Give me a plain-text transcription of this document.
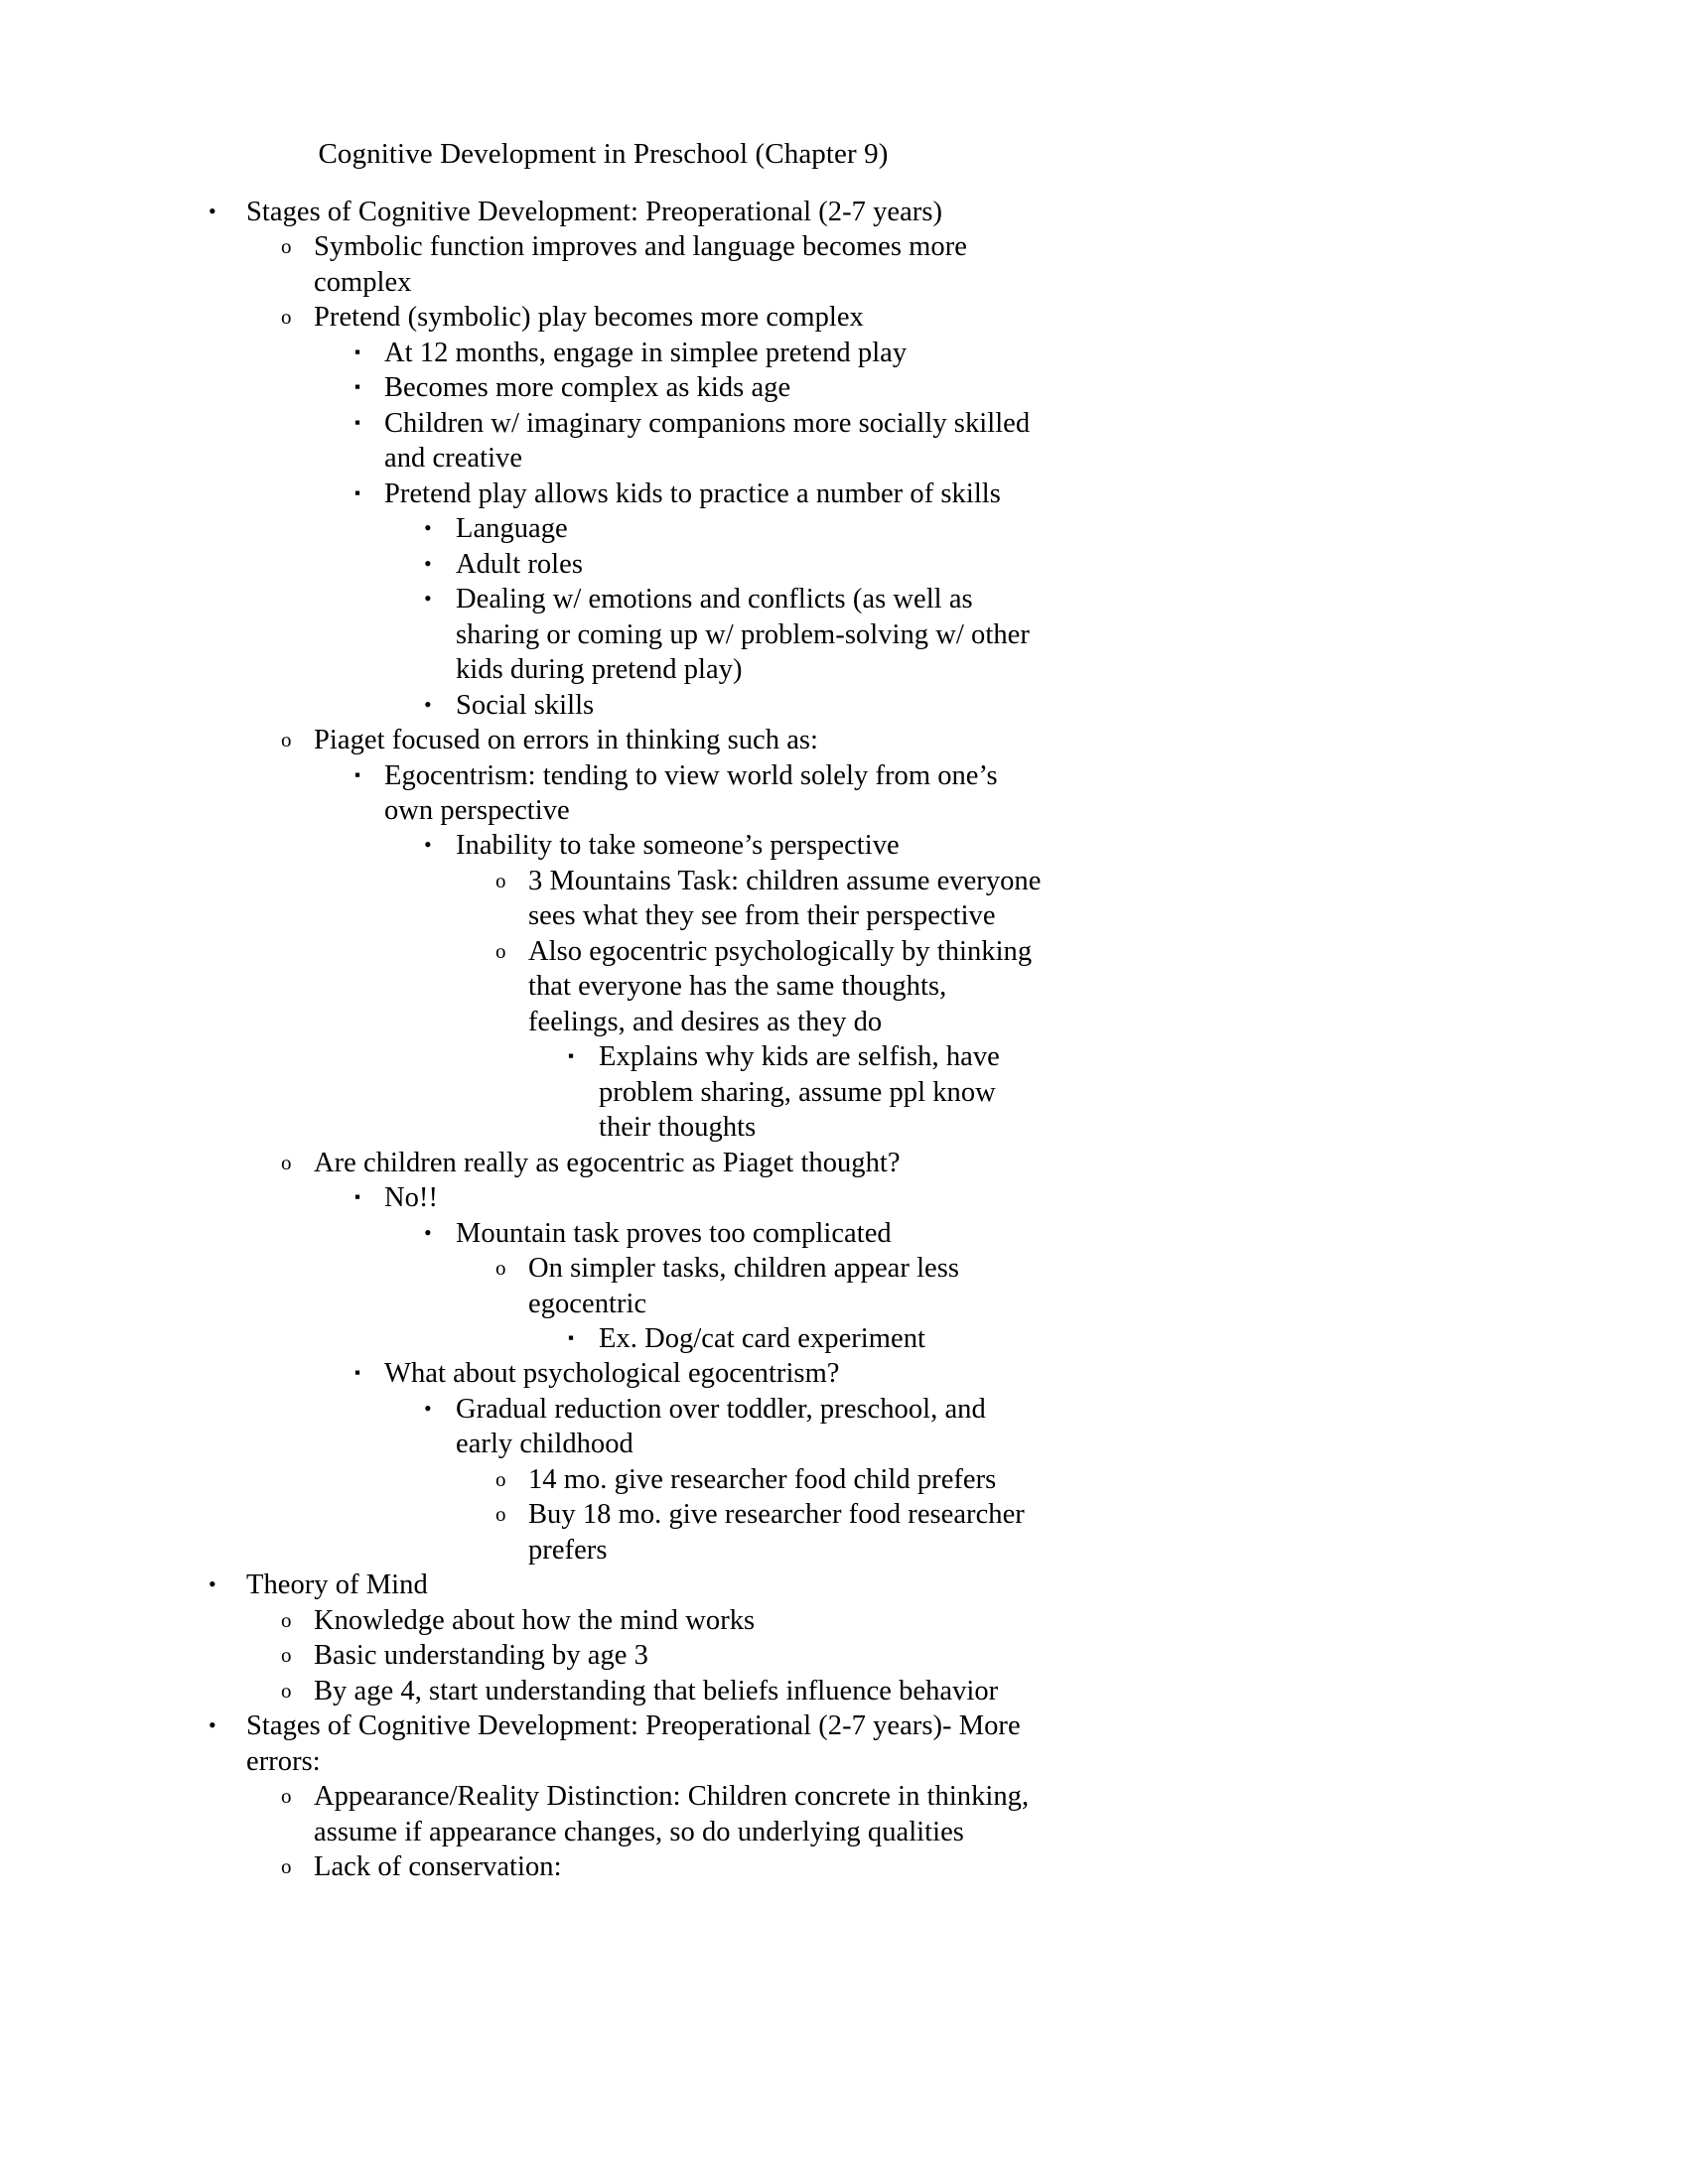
Cognitive Development in Preschool (Chapter 9)
• Stages of Cognitive Development: Preoperational (2-7 years)
o Symbolic function improves and language becomes more complex
o Pretend (symbolic) play becomes more complex
▪ At 12 months, engage in simplee pretend play
▪ Becomes more complex as kids age
▪ Children w/ imaginary companions more socially skilled and creative
▪ Pretend play allows kids to practice a number of skills
• Language
• Adult roles
• Dealing w/ emotions and conflicts (as well as sharing or coming up w/ problem-solving w/ other kids during pretend play)
• Social skills
o Piaget focused on errors in thinking such as:
▪ Egocentrism: tending to view world solely from one’s own perspective
• Inability to take someone’s perspective
o 3 Mountains Task: children assume everyone sees what they see from their perspective
o Also egocentric psychologically by thinking that everyone has the same thoughts, feelings, and desires as they do
▪ Explains why kids are selfish, have problem sharing, assume ppl know their thoughts
o Are children really as egocentric as Piaget thought?
▪ No!!
• Mountain task proves too complicated
o On simpler tasks, children appear less egocentric
▪ Ex. Dog/cat card experiment
▪ What about psychological egocentrism?
• Gradual reduction over toddler, preschool, and early childhood
o 14 mo. give researcher food child prefers
o Buy 18 mo. give researcher food researcher prefers
• Theory of Mind
o Knowledge about how the mind works
o Basic understanding by age 3
o By age 4, start understanding that beliefs influence behavior
• Stages of Cognitive Development: Preoperational (2-7 years)- More errors:
o Appearance/Reality Distinction: Children concrete in thinking, assume if appearance changes, so do underlying qualities
o Lack of conservation:
